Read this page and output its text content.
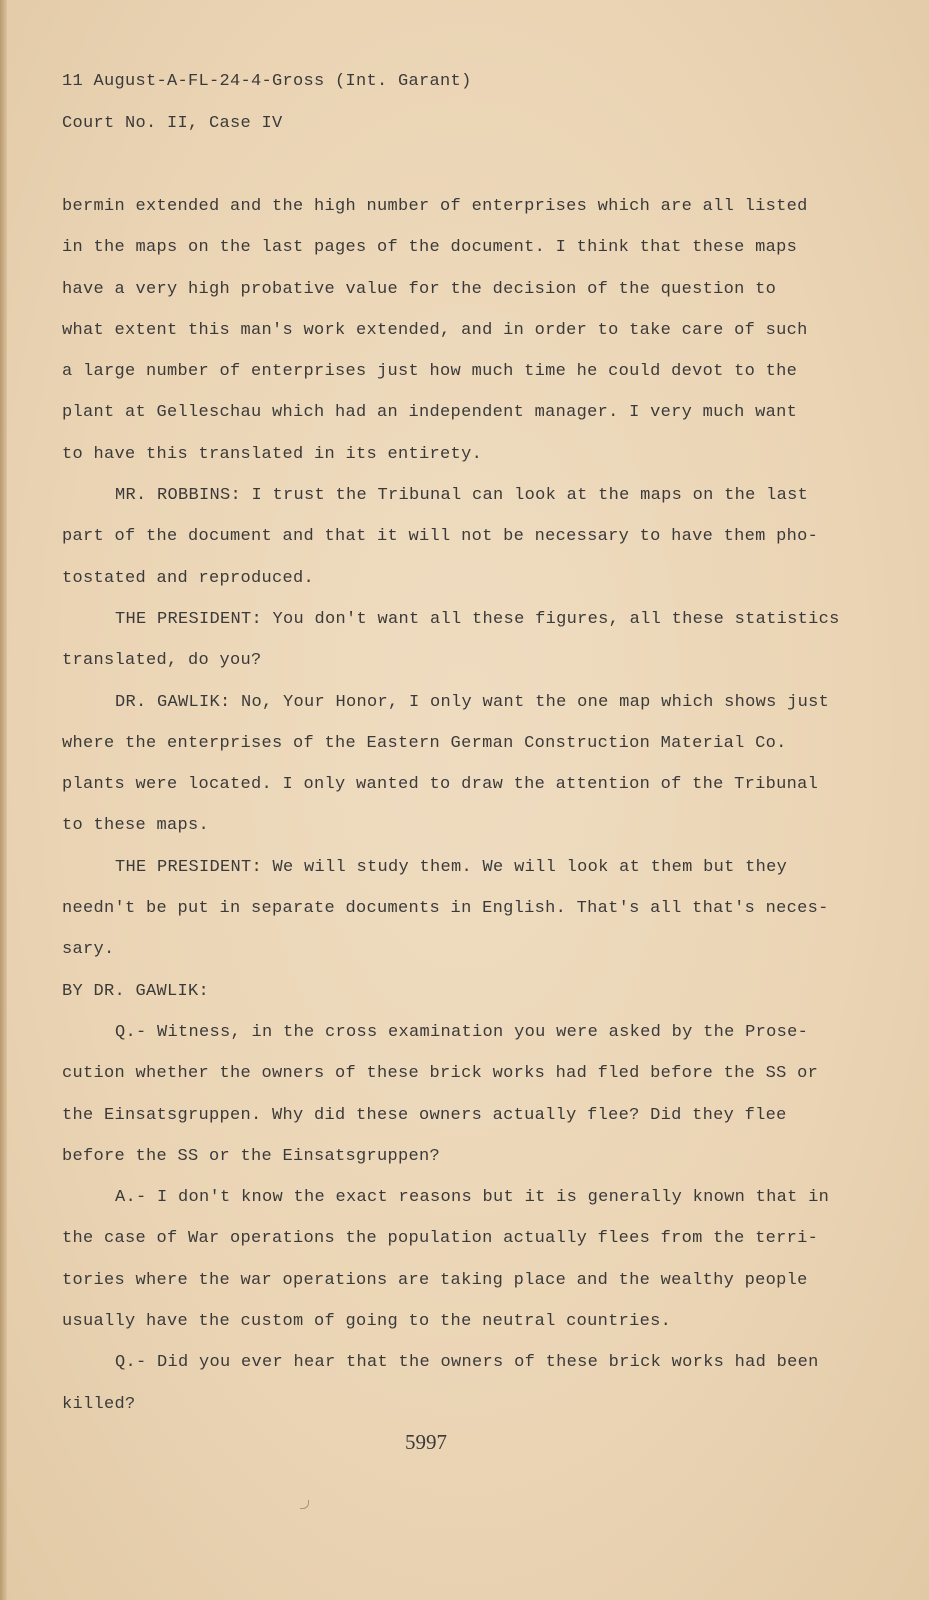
11 August-A-FL-24-4-Gross (Int. Garant)
Court No. II, Case IV
bermin extended and the high number of enterprises which are all listed
in the maps on the last pages of the document. I think that these maps
have a very high probative value for the decision of the question to
what extent this man's work extended, and in order to take care of such
a large number of enterprises just how much time he could devot to the
plant at Gelleschau which had an independent manager. I very much want
to have this translated in its entirety.
MR. ROBBINS: I trust the Tribunal can look at the maps on the last
part of the document and that it will not be necessary to have them pho-
tostated and reproduced.
THE PRESIDENT: You don't want all these figures, all these statistics
translated, do you?
DR. GAWLIK: No, Your Honor, I only want the one map which shows just
where the enterprises of the Eastern German Construction Material Co.
plants were located. I only wanted to draw the attention of the Tribunal
to these maps.
THE PRESIDENT: We will study them. We will look at them but they
needn't be put in separate documents in English. That's all that's neces-
sary.
BY DR. GAWLIK:
Q.- Witness, in the cross examination you were asked by the Prose-
cution whether the owners of these brick works had fled before the SS or
the Einsatsgruppen. Why did these owners actually flee? Did they flee
before the SS or the Einsatsgruppen?
A.- I don't know the exact reasons but it is generally known that in
the case of War operations the population actually flees from the terri-
tories where the war operations are taking place and the wealthy people
usually have the custom of going to the neutral countries.
Q.- Did you ever hear that the owners of these brick works had been
killed?
5997
